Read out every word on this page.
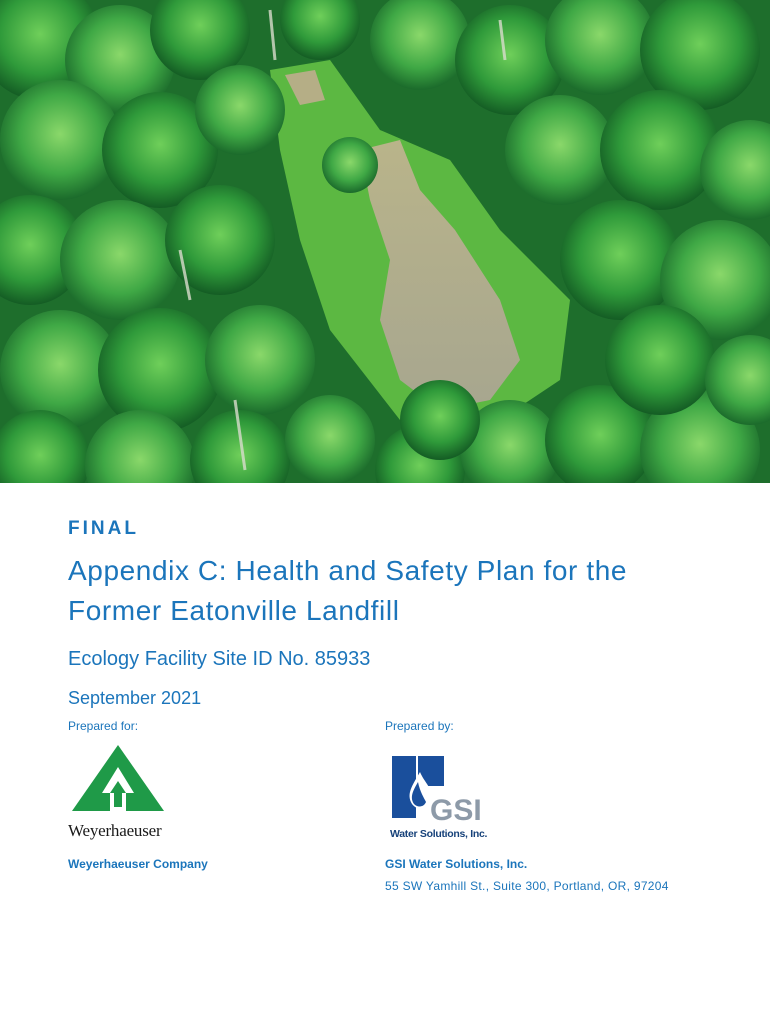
FINAL
Appendix C: Health and Safety Plan for the Former Eatonville Landfill
Ecology Facility Site ID No. 85933
September 2021
Prepared for:	Prepared by:
Weyerhaeuser
GSI
Water Solutions, Inc.
Weyerhaeuser Company	GSI Water Solutions, Inc.
55 SW Yamhill St., Suite 300, Portland, OR, 97204
